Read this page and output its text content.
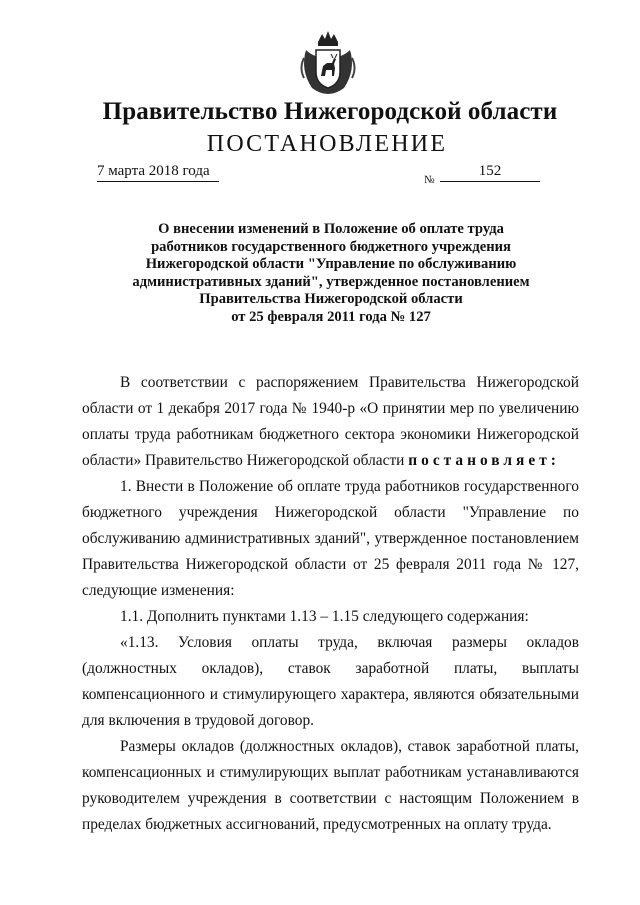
Правительство Нижегородской области
ПОСТАНОВЛЕНИЕ
7 марта 2018 года
№
152
О внесении изменений в Положение об оплате труда
работников государственного бюджетного учреждения
Нижегородской области "Управление по обслуживанию
административных зданий", утвержденное постановлением
Правительства Нижегородской области
от 25 февраля 2011 года № 127

В соответствии с распоряжением Правительства Нижегородской области от 1 декабря 2017 года № 1940-р «О принятии мер по увеличению оплаты труда работникам бюджетного сектора экономики Нижегородской области» Правительство Нижегородской области постановляет:

1. Внести в Положение об оплате труда работников государственного бюджетного учреждения Нижегородской области "Управление по обслуживанию административных зданий", утвержденное постановлением Правительства Нижегородской области от 25 февраля 2011 года № 127, следующие изменения:

1.1. Дополнить пунктами 1.13 – 1.15 следующего содержания:

«1.13. Условия оплаты труда, включая размеры окладов (должностных окладов), ставок заработной платы, выплаты компенсационного и стимулирующего характера, являются обязательными для включения в трудовой договор.

Размеры окладов (должностных окладов), ставок заработной платы, компенсационных и стимулирующих выплат работникам устанавливаются руководителем учреждения в соответствии с настоящим Положением в пределах бюджетных ассигнований, предусмотренных на оплату труда.
